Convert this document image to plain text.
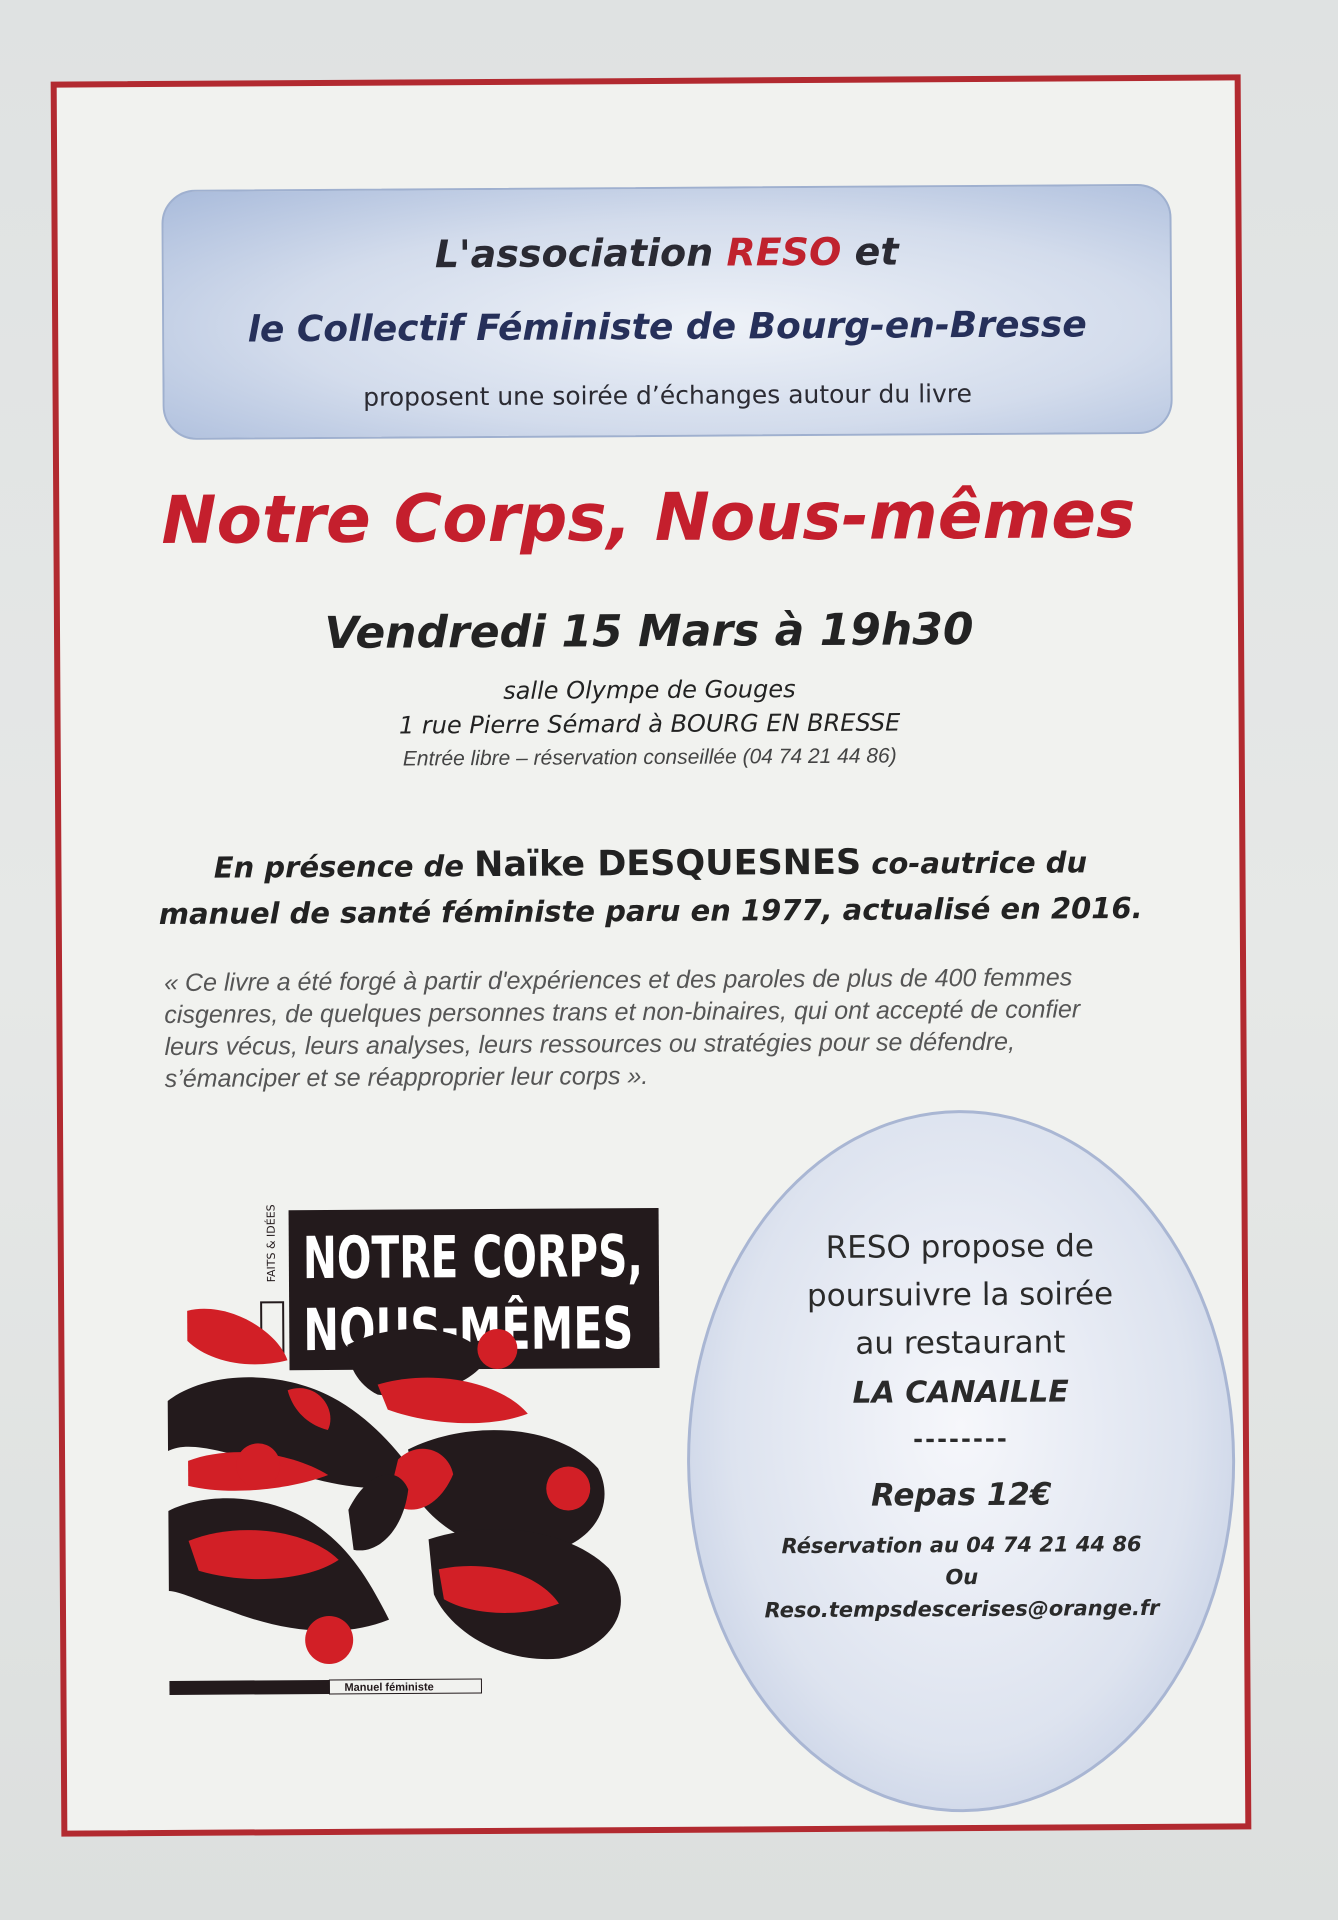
L'association RESO et
le Collectif Féministe de Bourg-en-Bresse
proposent une soirée d’échanges autour du livre
Notre Corps, Nous-mêmes
Vendredi 15 Mars à 19h30
salle Olympe de Gouges
1 rue Pierre Sémard à BOURG EN BRESSE
Entrée libre – réservation conseillée (04 74 21 44 86)
En présence de Naïke DESQUESNES co-autrice du
manuel de santé féministe paru en 1977, actualisé en 2016.
« Ce livre a été forgé à partir d'expériences et des paroles de plus de 400 femmes cisgenres, de quelques personnes trans et non-binaires, qui ont accepté de confier leurs vécus, leurs analyses, leurs ressources ou stratégies pour se défendre, s’émanciper et se réapproprier leur corps ».
FAITS & IDÉES NOTRE CORPS,
NOUS-MÊMES
Manuel féministe
RESO propose de
poursuivre la soirée
au restaurant
LA CANAILLE
--------
Repas 12€
Réservation au 04 74 21 44 86
Ou
Reso.tempsdescerises@orange.fr
